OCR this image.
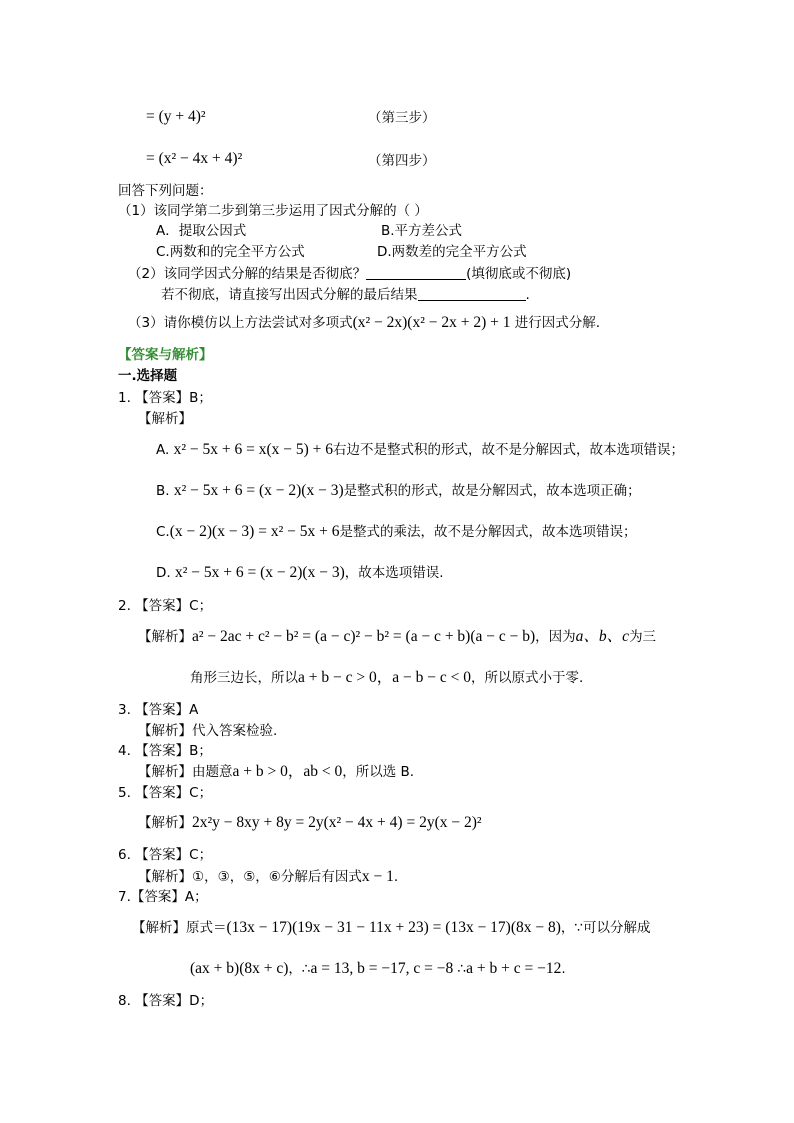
= (y + 4)²	（第三步）
= (x² − 4x + 4)²	（第四步）
回答下列问题：
（1）该同学第二步到第三步运用了因式分解的（ ）
A．提取公因式	B.平方差公式
C.两数和的完全平方公式	D.两数差的完全平方公式
（2）该同学因式分解的结果是否彻底？	(填彻底或不彻底)
若不彻底，请直接写出因式分解的最后结果	.
（3）请你模仿以上方法尝试对多项式(x² − 2x)(x² − 2x + 2) + 1 进行因式分解.
【答案与解析】
一.选择题
1. 【答案】B；
【解析】
A. x² − 5x + 6 = x(x − 5) + 6右边不是整式积的形式，故不是分解因式，故本选项错误；
B. x² − 5x + 6 = (x − 2)(x − 3)是整式积的形式，故是分解因式，故本选项正确；
C.(x − 2)(x − 3) = x² − 5x + 6是整式的乘法，故不是分解因式，故本选项错误；
D. x² − 5x + 6 = (x − 2)(x − 3)，故本选项错误.
2. 【答案】C；
【解析】a² − 2ac + c² − b² = (a − c)² − b² = (a − c + b)(a − c − b)，因为a、b、c为三
角形三边长，所以a + b − c > 0，a − b − c < 0，所以原式小于零.
3. 【答案】A
【解析】代入答案检验.
4. 【答案】B；
【解析】由题意a + b > 0，ab < 0，所以选 B.
5. 【答案】C；
【解析】2x²y − 8xy + 8y = 2y(x² − 4x + 4) = 2y(x − 2)²
6. 【答案】C；
【解析】①，③，⑤，⑥分解后有因式x − 1.
7.【答案】A；
【解析】原式＝(13x − 17)(19x − 31 − 11x + 23) = (13x − 17)(8x − 8)，∵可以分解成
(ax + b)(8x + c)，∴a = 13, b = −17, c = −8 ∴a + b + c = −12.
8. 【答案】D；
